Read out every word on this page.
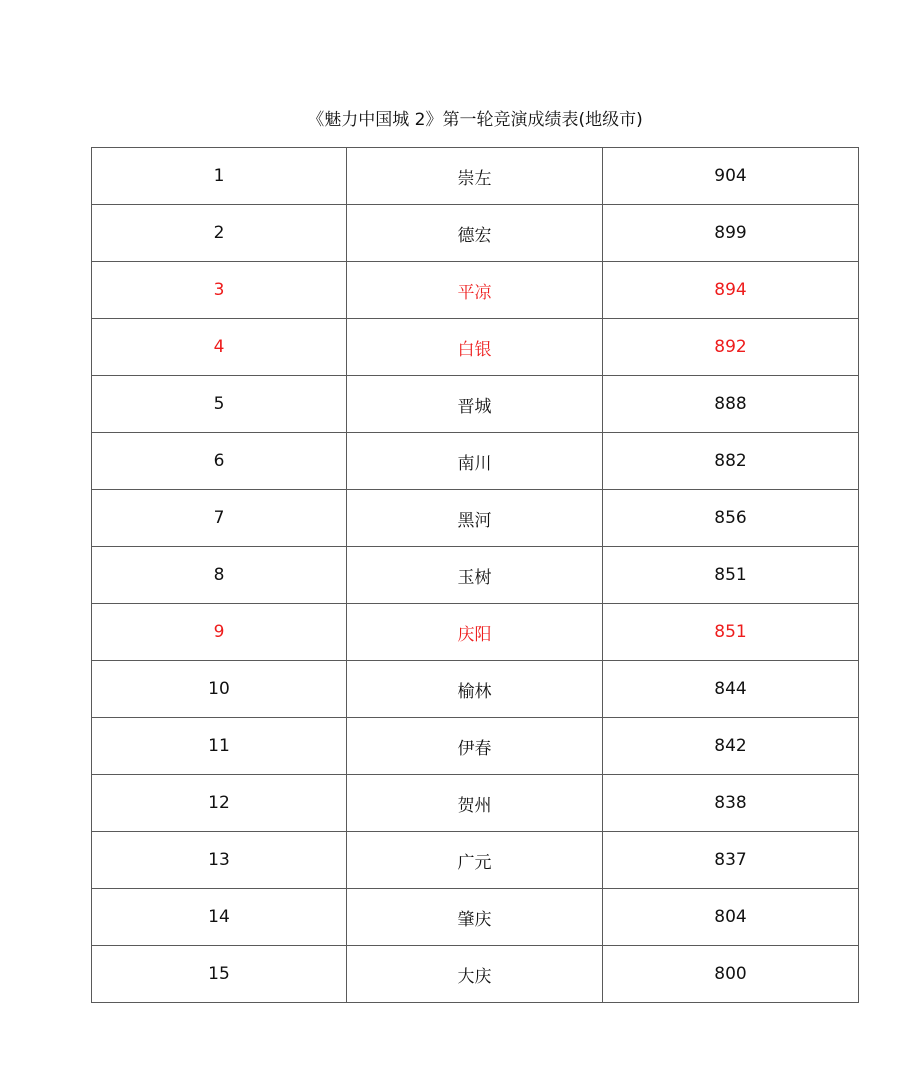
《魅力中国城 2》第一轮竞演成绩表(地级市)
1	崇左	904
2	德宏	899
3	平凉	894
4	白银	892
5	晋城	888
6	南川	882
7	黑河	856
8	玉树	851
9	庆阳	851
10	榆林	844
11	伊春	842
12	贺州	838
13	广元	837
14	肇庆	804
15	大庆	800
